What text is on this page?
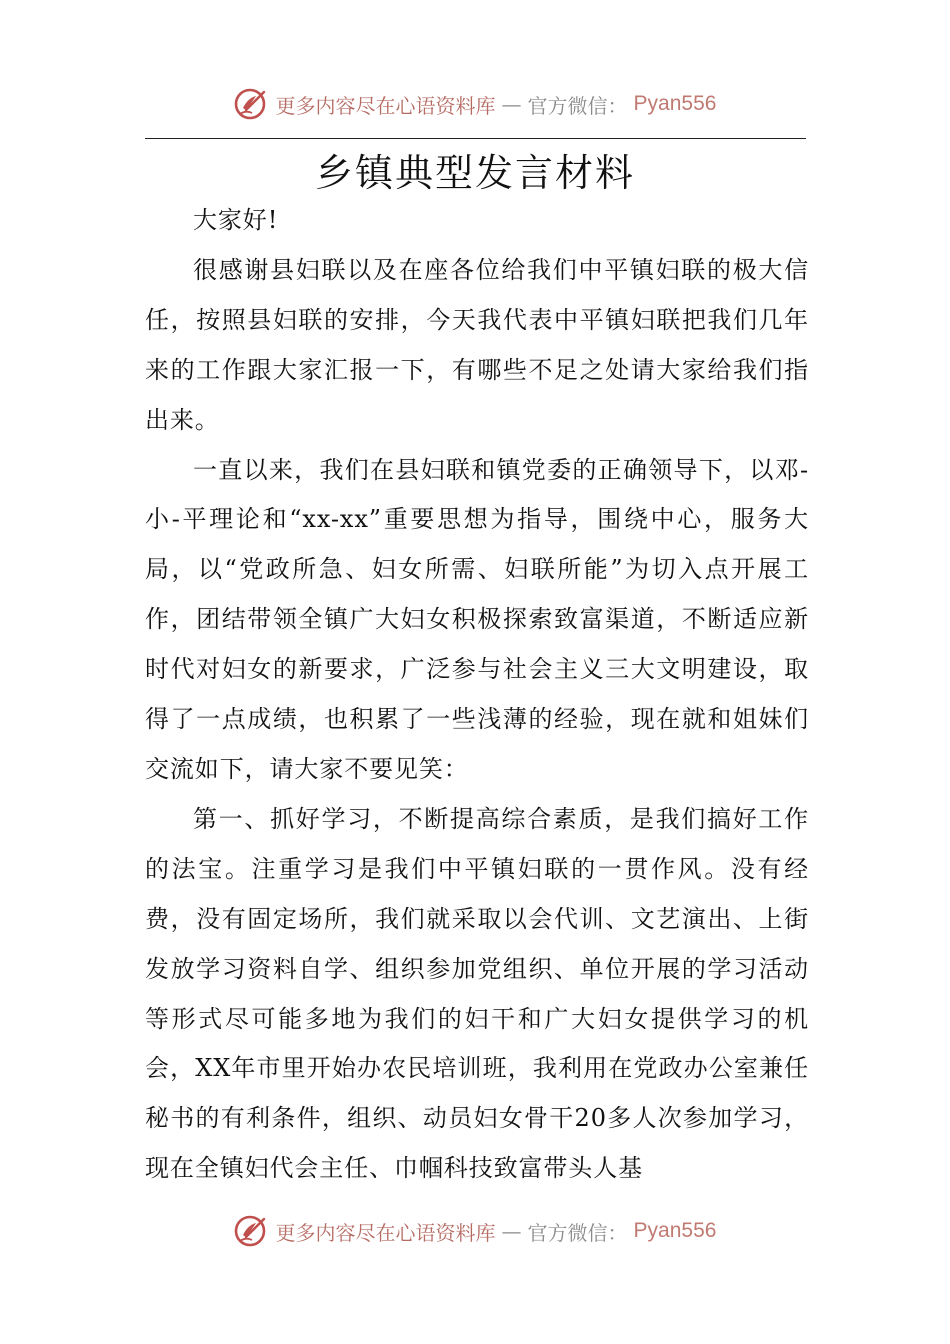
更多内容尽在心语资料库 — 官方微信： Pyan556
乡镇典型发言材料

大家好!

很感谢县妇联以及在座各位给我们中平镇妇联的极大信任，按照县妇联的安排，今天我代表中平镇妇联把我们几年来的工作跟大家汇报一下，有哪些不足之处请大家给我们指出来。

一直以来，我们在县妇联和镇党委的正确领导下，以邓-小-平理论和“xx-xx”重要思想为指导，围绕中心，服务大局，以“党政所急、妇女所需、妇联所能”为切入点开展工作，团结带领全镇广大妇女积极探索致富渠道，不断适应新时代对妇女的新要求，广泛参与社会主义三大文明建设，取得了一点成绩，也积累了一些浅薄的经验，现在就和姐妹们交流如下，请大家不要见笑：

第一、抓好学习，不断提高综合素质，是我们搞好工作的法宝。注重学习是我们中平镇妇联的一贯作风。没有经费，没有固定场所，我们就采取以会代训、文艺演出、上街发放学习资料自学、组织参加党组织、单位开展的学习活动等形式尽可能多地为我们的妇干和广大妇女提供学习的机会，XX年市里开始办农民培训班，我利用在党政办公室兼任秘书的有利条件，组织、动员妇女骨干20多人次参加学习，现在全镇妇代会主任、巾帼科技致富带头人基

更多内容尽在心语资料库 — 官方微信： Pyan556
